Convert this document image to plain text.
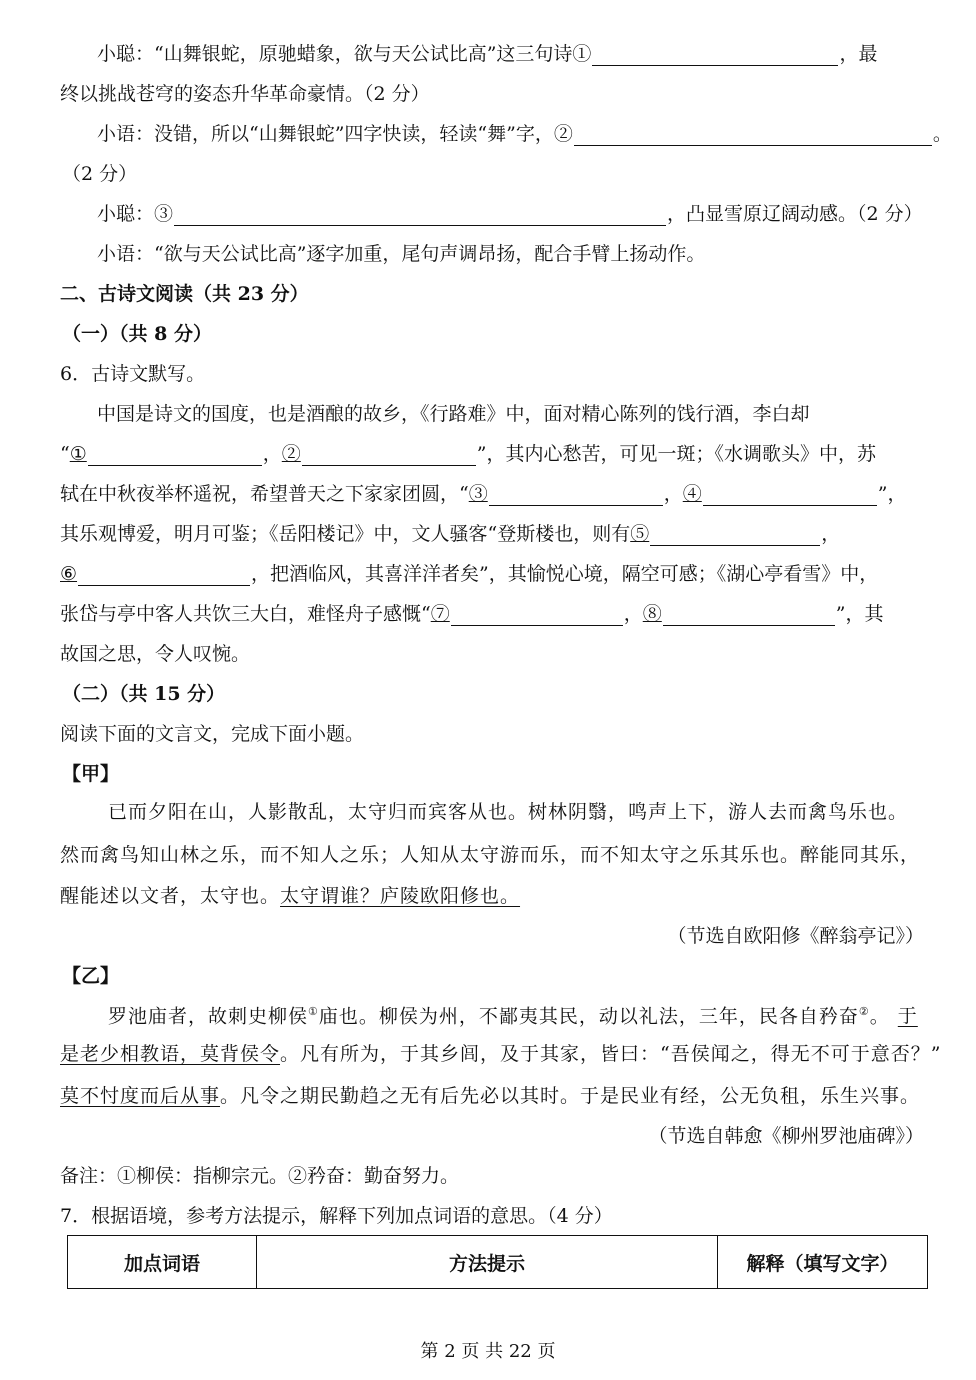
小聪：“山舞银蛇，原驰蜡象，欲与天公试比高”这三句诗①	，最
终以挑战苍穹的姿态升华革命豪情。（2 分）
小语：没错，所以“山舞银蛇”四字快读，轻读“舞”字，②	。
（2 分）
小聪：③	，凸显雪原辽阔动感。（2 分）
小语：“欲与天公试比高”逐字加重，尾句声调昂扬，配合手臂上扬动作。
二、古诗文阅读（共 23 分）
（一）（共 8 分）
6．古诗文默写。
中国是诗文的国度，也是酒酿的故乡，《行路难》中，面对精心陈列的饯行酒，李白却
“①	，②	”，其内心愁苦，可见一斑；《水调歌头》中，苏
轼在中秋夜举杯遥祝，希望普天之下家家团圆，“③	，④	”，
其乐观博爱，明月可鉴；《岳阳楼记》中，文人骚客“登斯楼也，则有⑤	，
⑥	，把酒临风，其喜洋洋者矣”，其愉悦心境，隔空可感；《湖心亭看雪》中，
张岱与亭中客人共饮三大白，难怪舟子感慨“⑦	，⑧	”，其
故国之思，令人叹惋。
（二）（共 15 分）
阅读下面的文言文，完成下面小题。
【甲】
已而夕阳在山，人影散乱，太守归而宾客从也。树林阴翳，鸣声上下，游人去而禽鸟乐也。
然而禽鸟知山林之乐，而不知人之乐；人知从太守游而乐，而不知太守之乐其乐也。醉能同其乐，
醒能述以文者，太守也。太守谓谁？庐陵欧阳修也。
（节选自欧阳修《醉翁亭记》）
【乙】
罗池庙者，故刺史柳侯①庙也。柳侯为州，不鄙夷其民，动以礼法，三年，民各自矜奋②。 于
是老少相教语，莫背侯令。凡有所为，于其乡闾，及于其家，皆曰：“吾侯闻之，得无不可于意否？”
莫不忖度而后从事。凡令之期民勤趋之无有后先必以其时。于是民业有经，公无负租，乐生兴事。
（节选自韩愈《柳州罗池庙碑》）
备注：①柳侯：指柳宗元。②矜奋：勤奋努力。
7．根据语境，参考方法提示，解释下列加点词语的意思。（4 分）
加点词语	方法提示	解释（填写文字）
第 2 页 共 22 页
